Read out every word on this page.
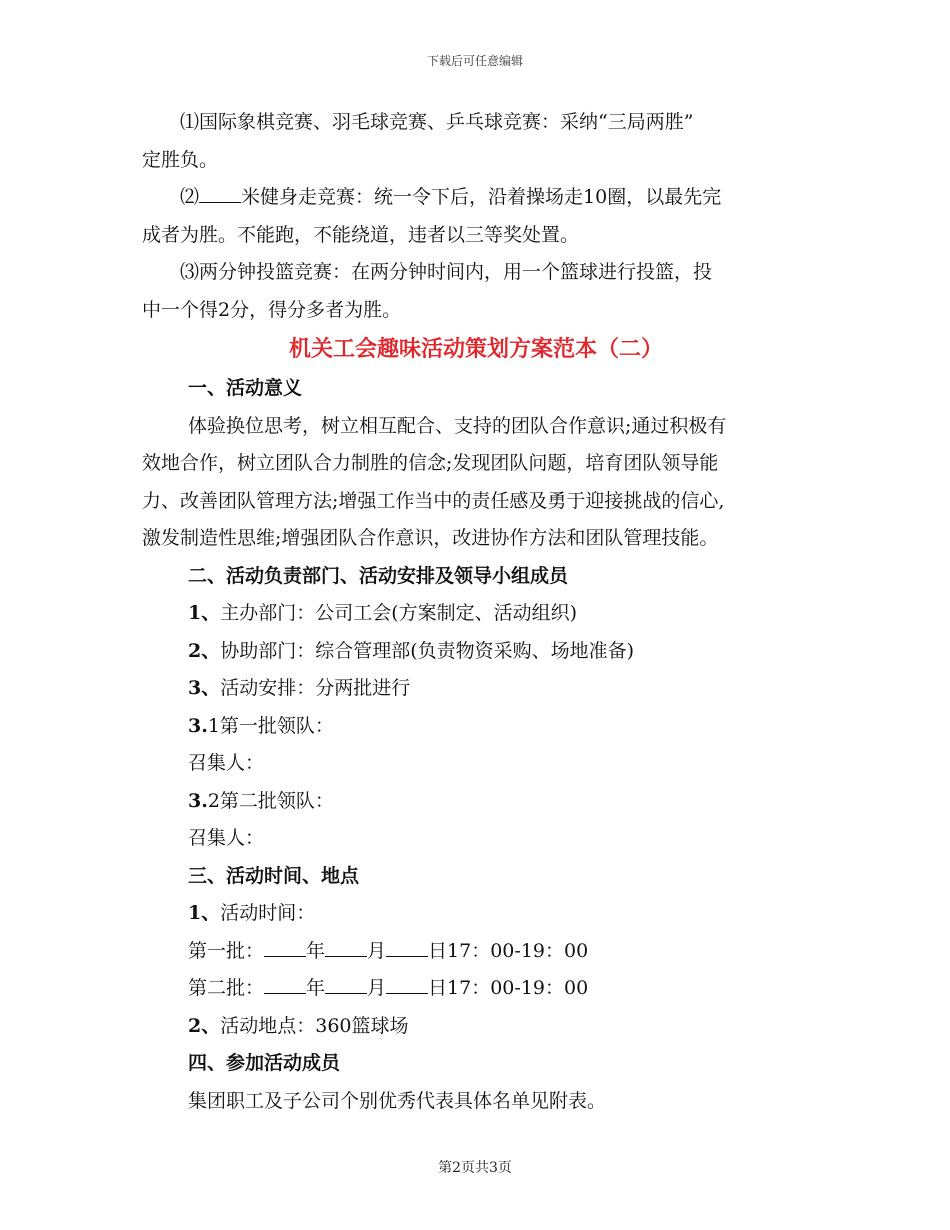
下载后可任意编辑

⑴国际象棋竞赛、羽毛球竞赛、乒乓球竞赛：采纳“三局两胜”

定胜负。

⑵ 米健身走竞赛：统一令下后，沿着操场走10圈，以最先完

成者为胜。不能跑，不能绕道，违者以三等奖处置。

⑶两分钟投篮竞赛：在两分钟时间内，用一个篮球进行投篮，投

中一个得2分，得分多者为胜。

机关工会趣味活动策划方案范本（二）

一、活动意义

体验换位思考，树立相互配合、支持的团队合作意识;通过积极有

效地合作，树立团队合力制胜的信念;发现团队问题，培育团队领导能

力、改善团队管理方法;增强工作当中的责任感及勇于迎接挑战的信心,

激发制造性思维;增强团队合作意识，改进协作方法和团队管理技能。

二、活动负责部门、活动安排及领导小组成员

1、主办部门：公司工会(方案制定、活动组织)

2、协助部门：综合管理部(负责物资采购、场地准备)

3、活动安排：分两批进行

3.1第一批领队：

召集人：

3.2第二批领队：

召集人：

三、活动时间、地点

1、活动时间：

第一批： 年 月 日17：00-19：00

第二批： 年 月 日17：00-19：00

2、活动地点：360篮球场

四、参加活动成员

集团职工及子公司个别优秀代表具体名单见附表。

第2页共3页
